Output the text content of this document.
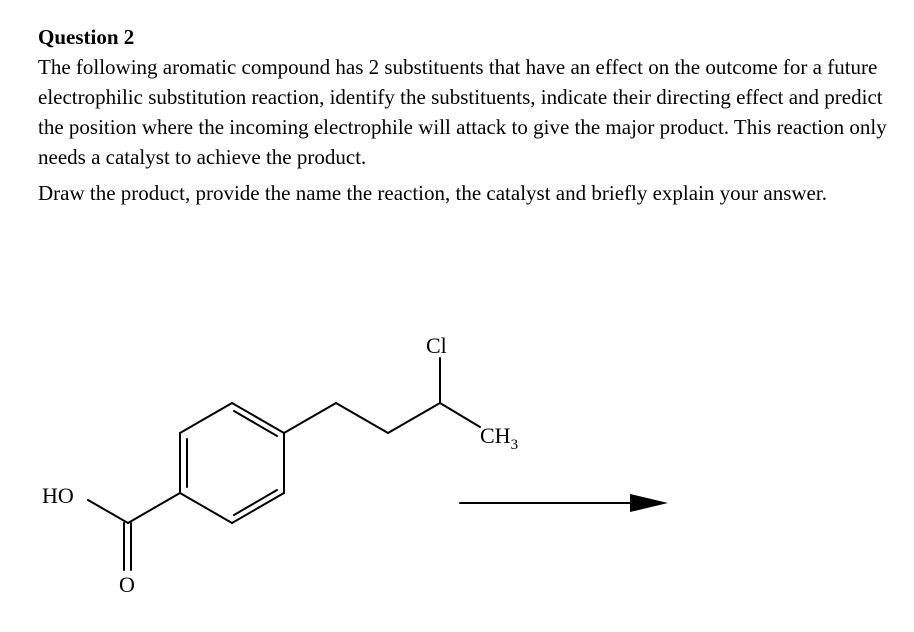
Question 2

The following aromatic compound has 2 substituents that have an effect on the outcome for a future electrophilic substitution reaction, identify the substituents, indicate their directing effect and predict the position where the incoming electrophile will attack to give the major product. This reaction only needs a catalyst to achieve the product.

Draw the product, provide the name the reaction, the catalyst and briefly explain your answer.

Cl
$CH_3$
HO
O
